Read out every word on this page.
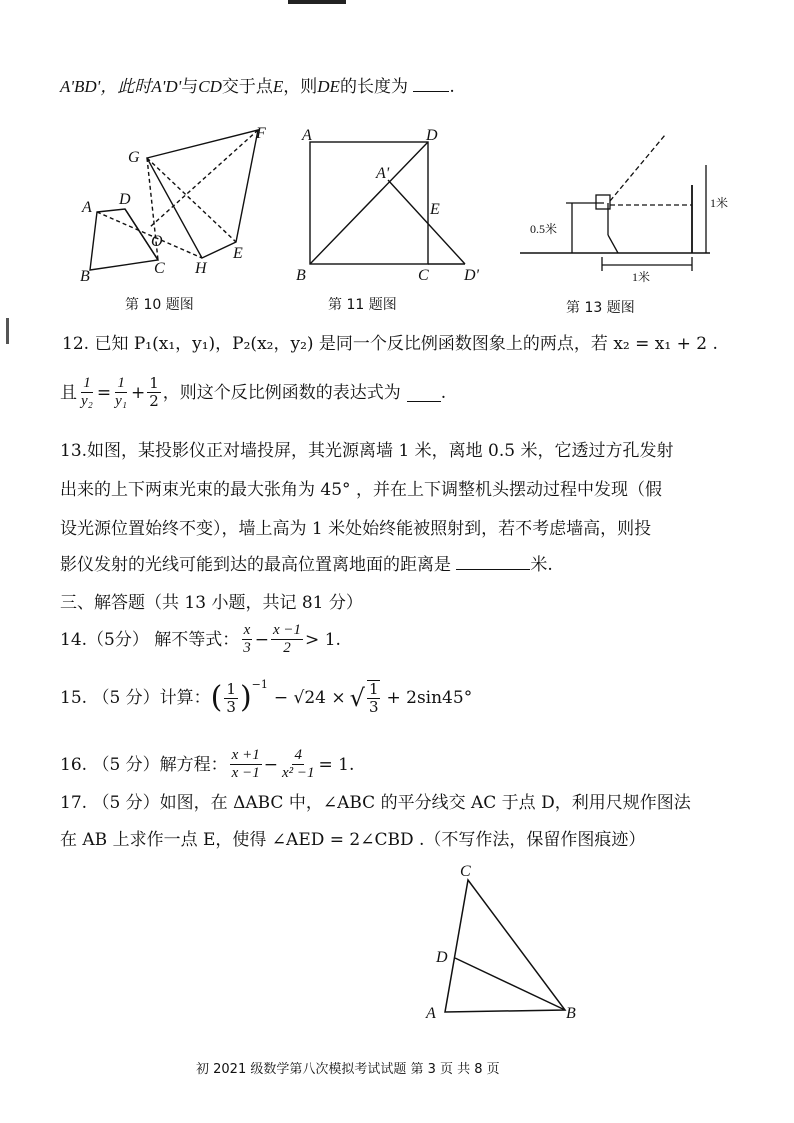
A'BD'，此时A'D'与CD交于点E，则DE的长度为 .
A
B	C
D
O
G
F
H
E
第 10 题图
A	D
A'
E
B	C D'
第 11 题图
1米
0.5米
1米
第 13 题图
12. 已知 P₁(x₁，y₁)，P₂(x₂，y₂) 是同一个反比例函数图象上的两点，若 x₂ = x₁ + 2 .
且 $\frac{1}{\text{y₂}} = \frac{1}{\text{y₁}} + \frac{1}{2}$ ，则这个反比例函数的表达式为 .
13.如图，某投影仪正对墙投屏，其光源离墙 1 米，离地 0.5 米，它透过方孔发射
出来的上下两束光束的最大张角为 45° ，并在上下调整机头摆动过程中发现（假
设光源位置始终不变），墙上高为 1 米处始终能被照射到，若不考虑墙高，则投
影仪发射的光线可能到达的最高位置离地面的距离是	米.
三、解答题（共 13 小题，共记 81 分）
14.（5分） 解不等式： $\frac{x}{3} - \frac{x -1}{2} > 1$.
15. （5 分）计算： ( $\frac{1}{3}$ ) −1
− √24 × √ $\frac{1}{3} + 2\sin 45^\circ$
16. （5 分）解方程： $\frac{x +1}{x -1} - \frac{4}{\text{x² −1}} = 1$.
17. （5 分）如图，在 ΔABC 中，∠ABC 的平分线交 AC 于点 D，利用尺规作图法
在 AB 上求作一点 E，使得 ∠AED = 2∠CBD .（不写作法，保留作图痕迹）
C
D
A	B
初 2021 级数学第八次模拟考试试题 第 3 页 共 8 页
